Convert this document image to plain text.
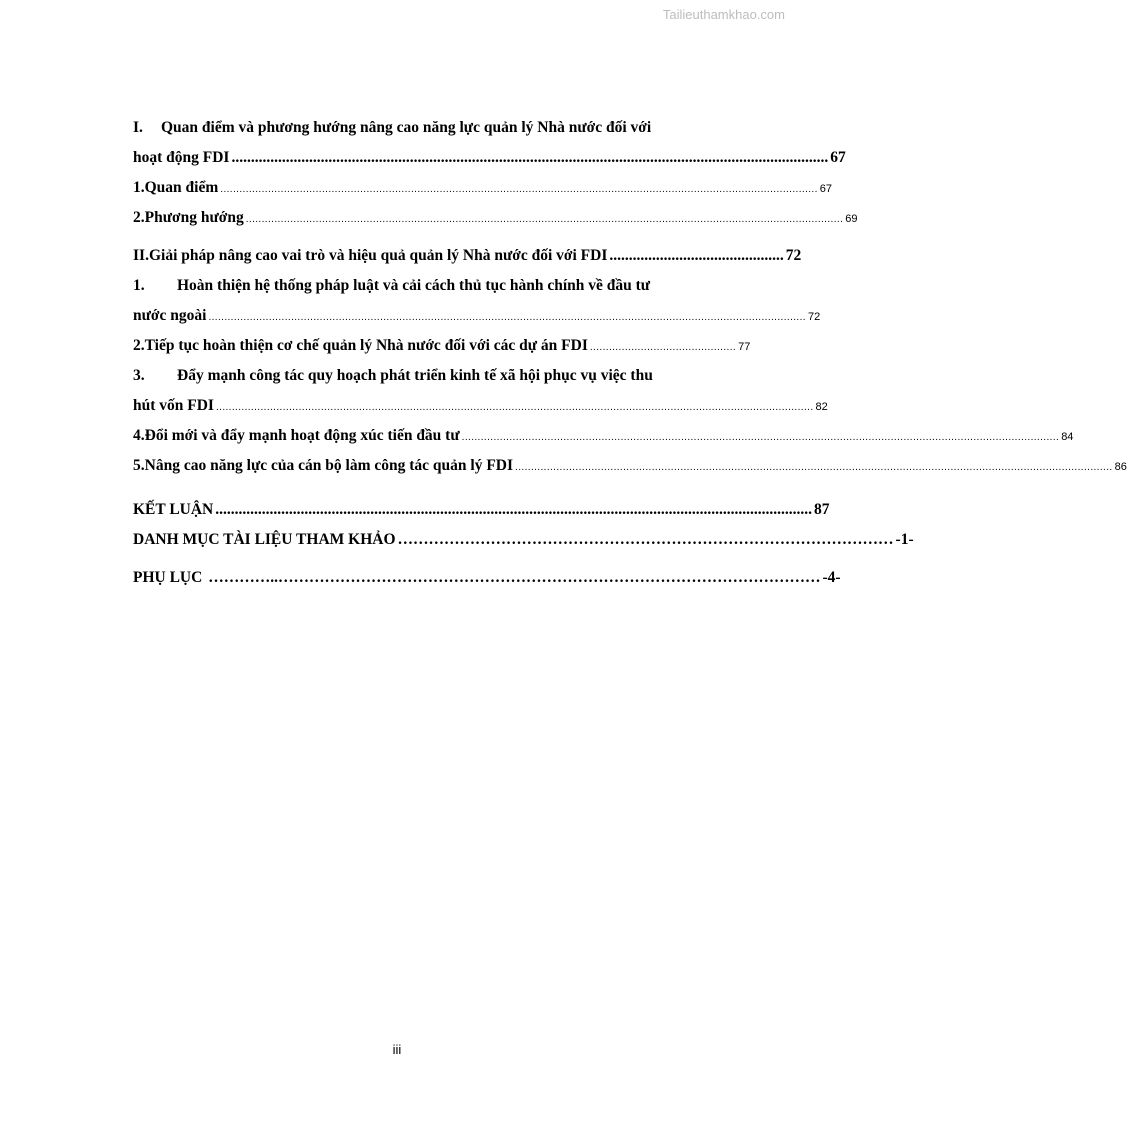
Tailieuthamkhao.com
I.	Quan điểm và phương hướng nâng cao năng lực quản lý Nhà nước đối với
hoạt động FDI .......................................................................................................................................................... 67
1. Quan điểm ............................................................................................................................................................................................ 67
2. Phương hướng ............................................................................................................................................................................................ 69
II. Giải pháp nâng cao vai trò và hiệu quả quản lý Nhà nước đối với FDI ............................................. 72
1.	Hoàn thiện hệ thống pháp luật và cải cách thủ tục hành chính về đầu tư
nước ngoài ............................................................................................................................................................................................ 72
2. Tiếp tục hoàn thiện cơ chế quản lý Nhà nước đối với các dự án FDI .............................................. 77
3.	Đẩy mạnh công tác quy hoạch phát triển kinh tế xã hội phục vụ việc thu
hút vốn FDI ............................................................................................................................................................................................ 82
4. Đổi mới và đẩy mạnh hoạt động xúc tiến đầu tư ............................................................................................................................................................................................ 84
5. Nâng cao năng lực của cán bộ làm công tác quản lý FDI ............................................................................................................................................................................................ 86
KẾT LUẬN .......................................................................................................................................................... 87
DANH MỤC TÀI LIỆU THAM KHẢO …………………………………………………………………………………… -1-
PHỤ LỤC …………..…………………………………………………………………………………………… -4-
iii
